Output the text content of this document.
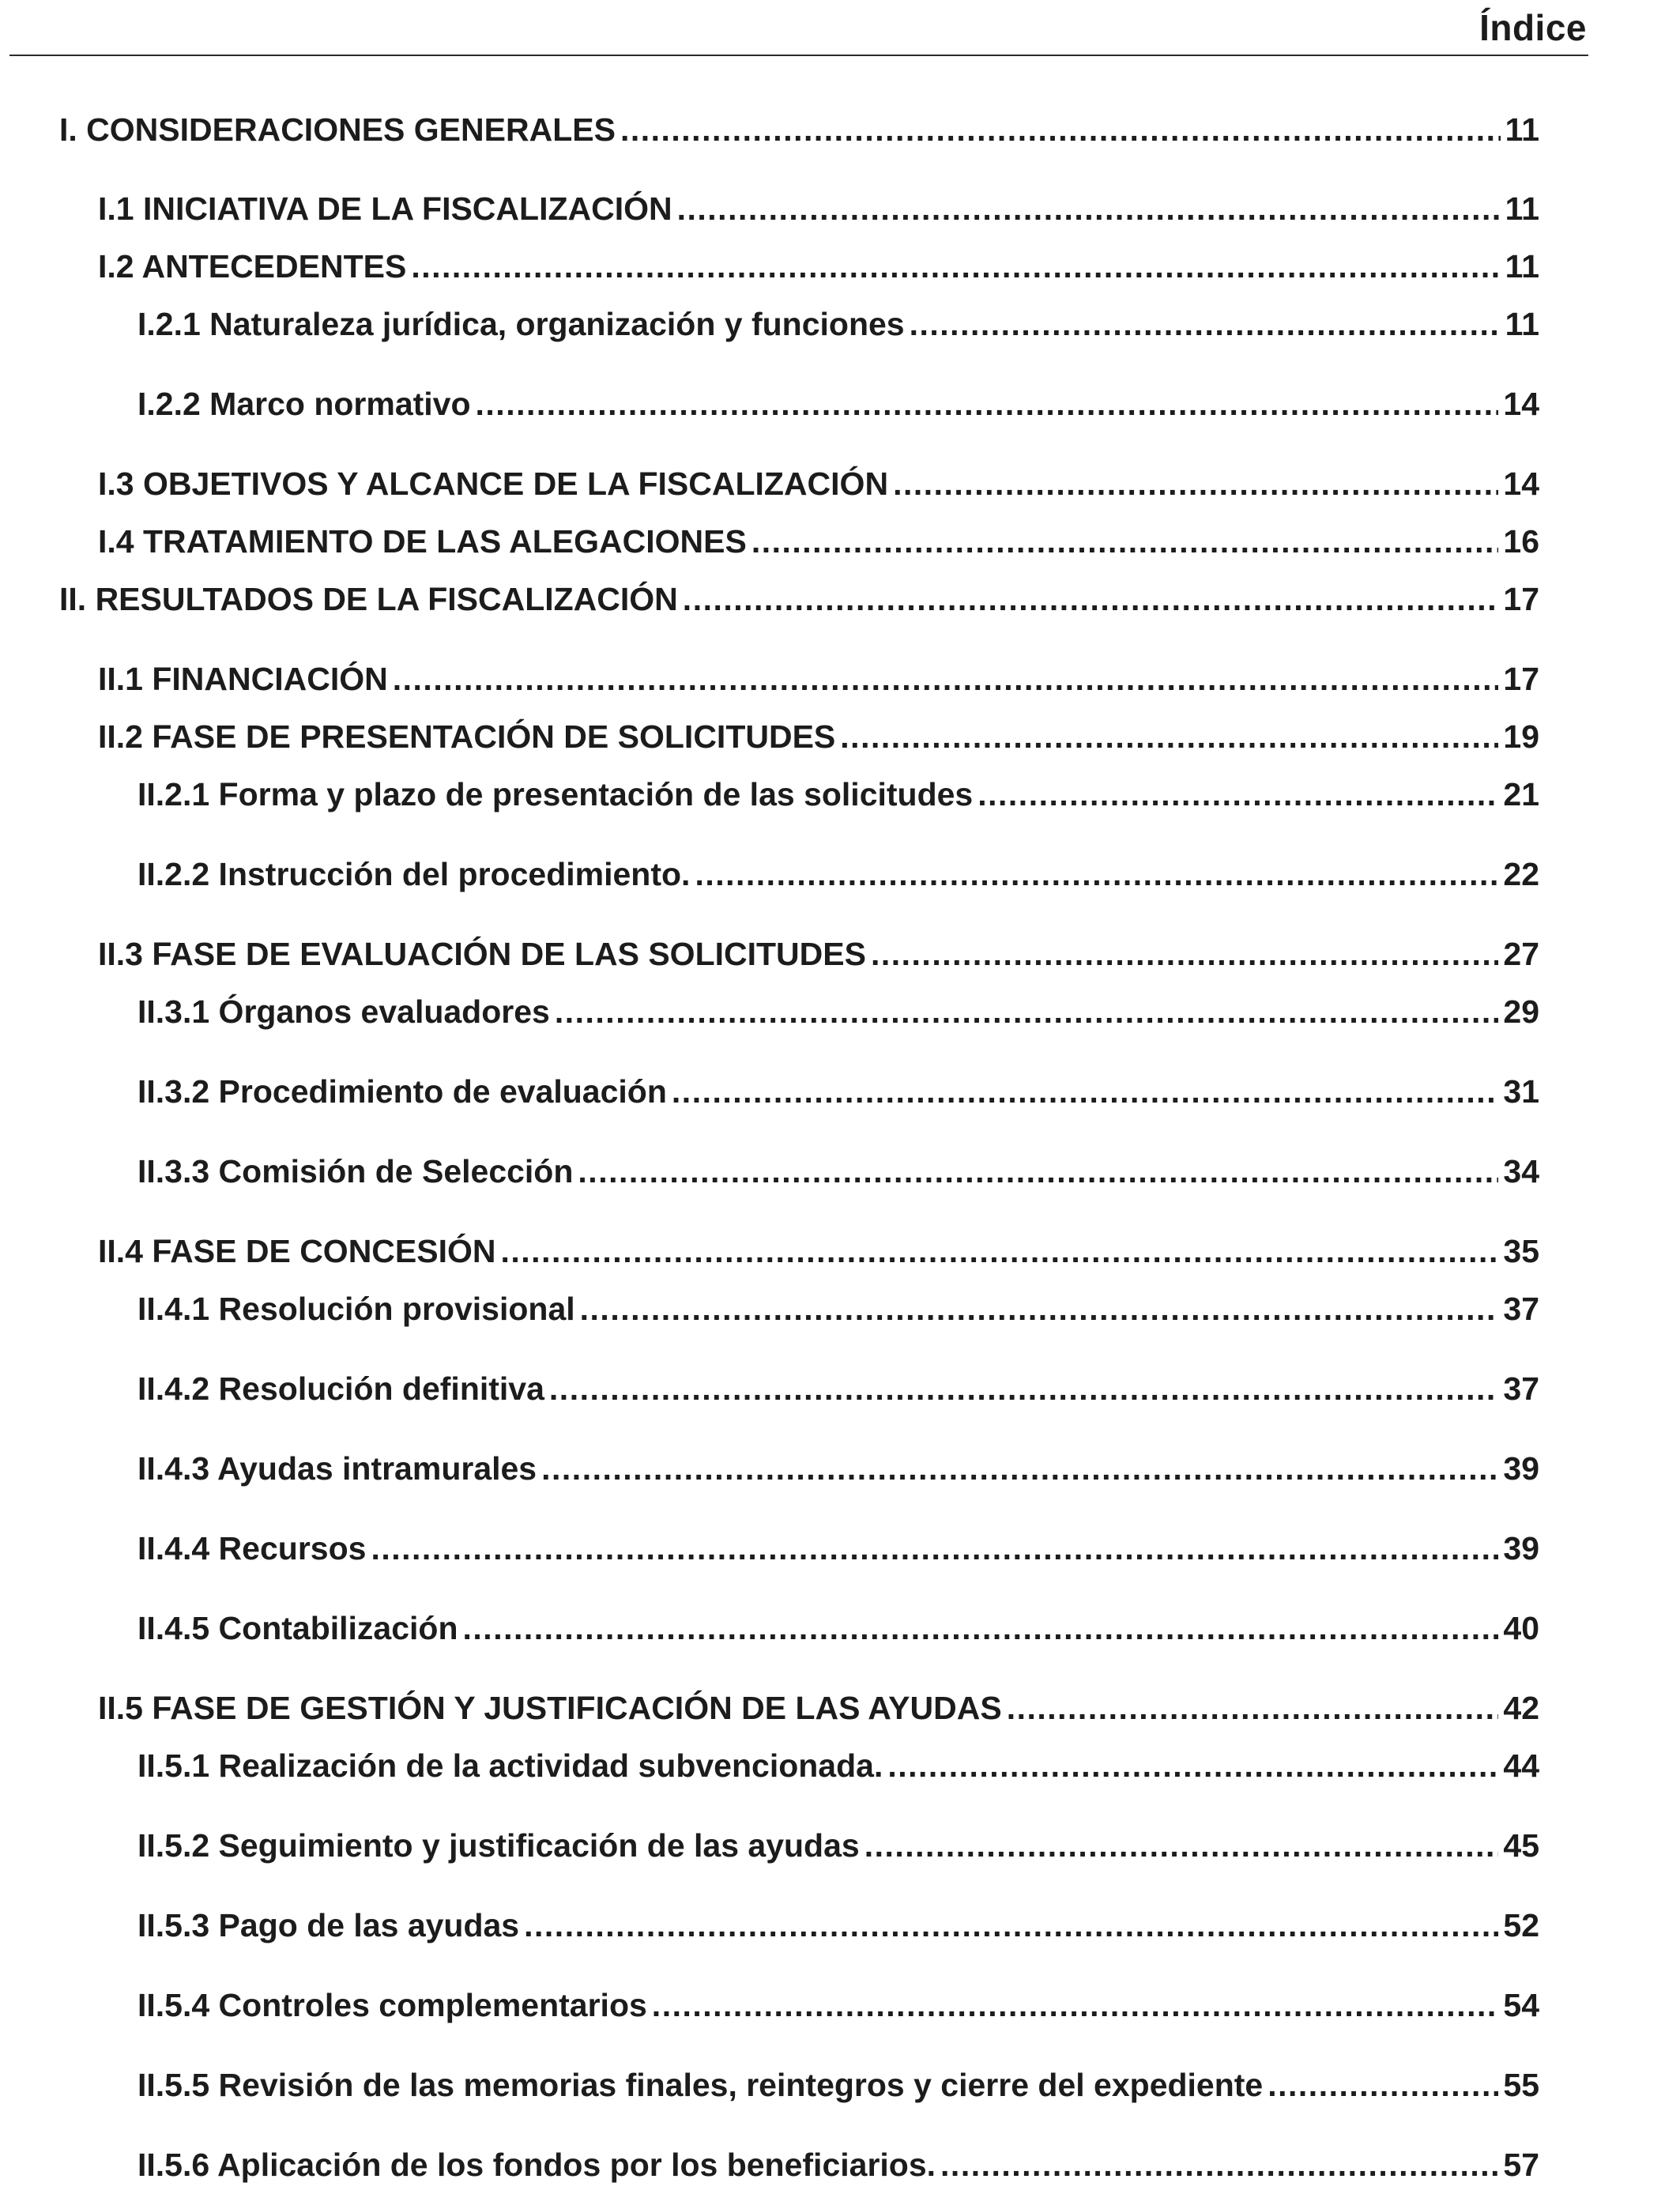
Índice
I. CONSIDERACIONES GENERALES .....	11
I.1 INICIATIVA DE LA FISCALIZACIÓN .....	11
I.2 ANTECEDENTES .....	11
I.2.1 Naturaleza jurídica, organización y funciones .....	11
I.2.2 Marco normativo .....	14
I.3 OBJETIVOS Y ALCANCE DE LA FISCALIZACIÓN .....	14
I.4 TRATAMIENTO DE LAS ALEGACIONES .....	16
II. RESULTADOS DE LA FISCALIZACIÓN .....	17
II.1 FINANCIACIÓN .....	17
II.2 FASE DE PRESENTACIÓN DE SOLICITUDES .....	19
II.2.1 Forma y plazo de presentación de las solicitudes .....	21
II.2.2 Instrucción del procedimiento. .....	22
II.3 FASE DE EVALUACIÓN DE LAS SOLICITUDES .....	27
II.3.1 Órganos evaluadores .....	29
II.3.2 Procedimiento de evaluación .....	31
II.3.3 Comisión de Selección .....	34
II.4 FASE DE CONCESIÓN .....	35
II.4.1 Resolución provisional .....	37
II.4.2 Resolución definitiva .....	37
II.4.3 Ayudas intramurales .....	39
II.4.4 Recursos .....	39
II.4.5 Contabilización .....	40
II.5 FASE DE GESTIÓN Y JUSTIFICACIÓN DE LAS AYUDAS .....	42
II.5.1 Realización de la actividad subvencionada. .....	44
II.5.2 Seguimiento y justificación de las ayudas .....	45
II.5.3 Pago de las ayudas .....	52
II.5.4 Controles complementarios .....	54
II.5.5 Revisión de las memorias finales, reintegros y cierre del expediente .....	55
II.5.6 Aplicación de los fondos por los beneficiarios. .....	57
